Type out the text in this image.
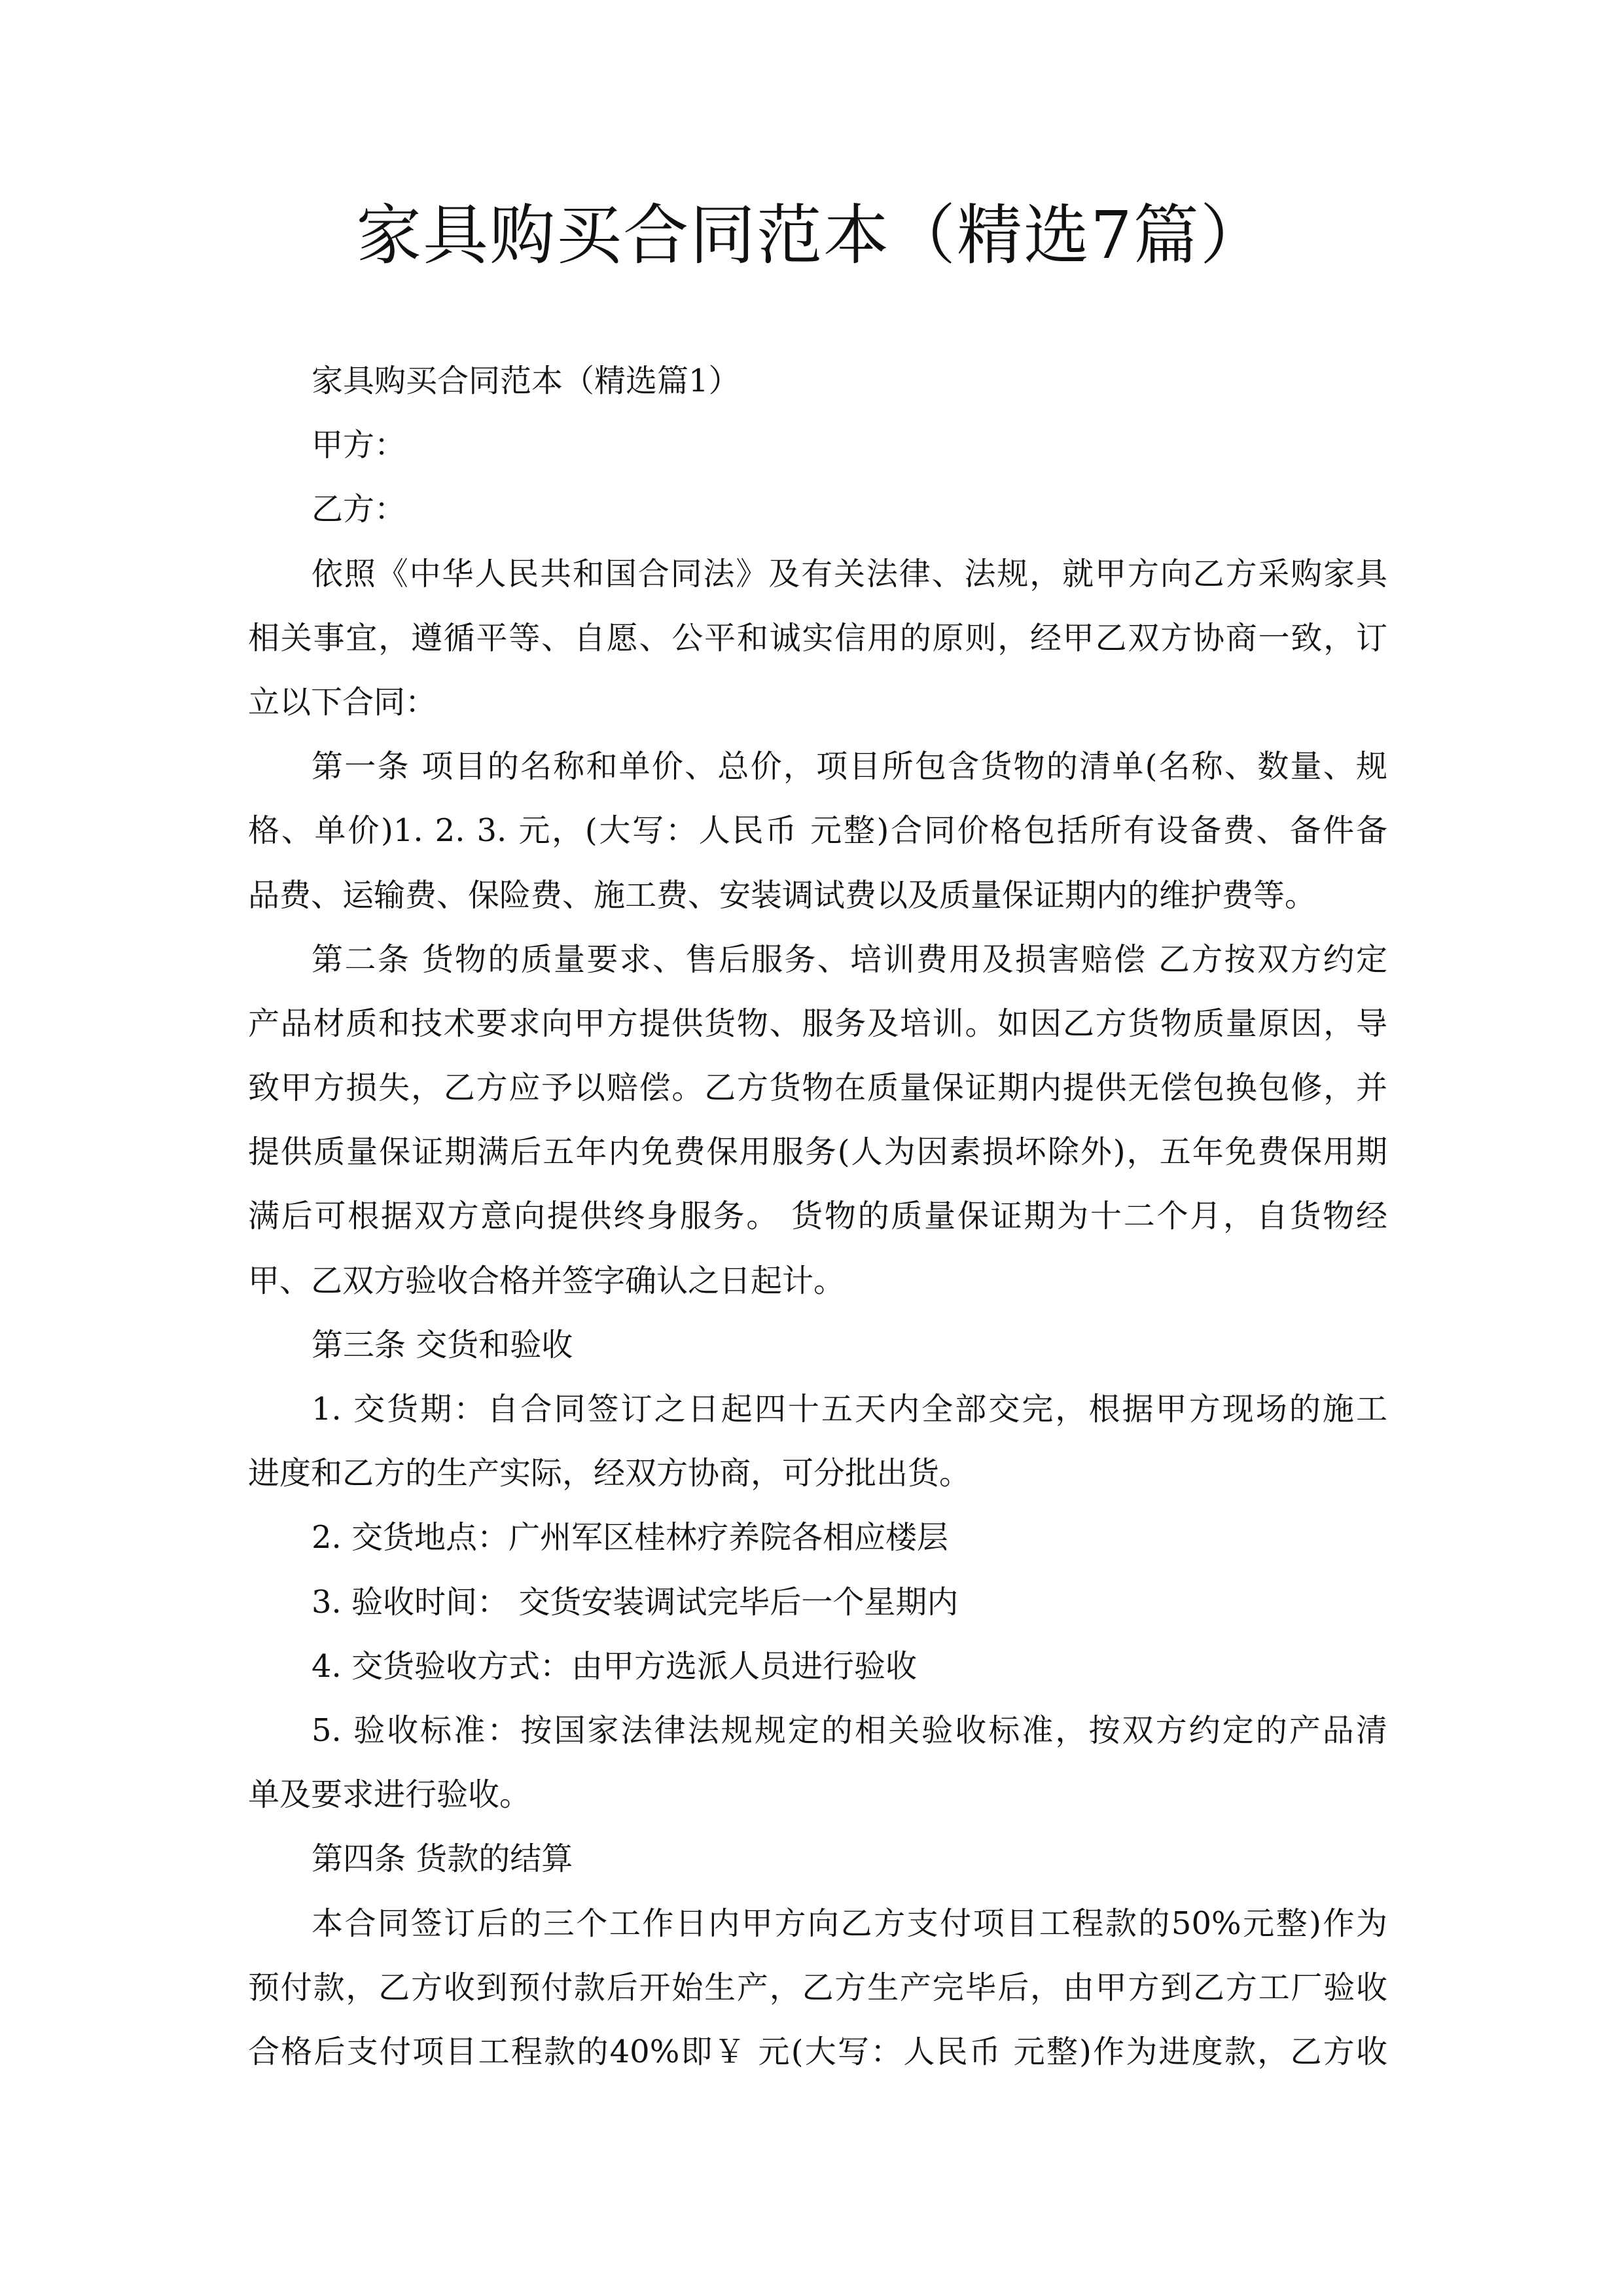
家具购买合同范本（精选7篇）
家具购买合同范本（精选篇1）
甲方：
乙方：
依照《中华人民共和国合同法》及有关法律、法规，就甲方向乙方采购家具
相关事宜，遵循平等、自愿、公平和诚实信用的原则，经甲乙双方协商一致，订
立以下合同：
第一条 项目的名称和单价、总价，项目所包含货物的清单(名称、数量、规
格、单价)1. 2. 3. 元，(大写：人民币 元整)合同价格包括所有设备费、备件备
品费、运输费、保险费、施工费、安装调试费以及质量保证期内的维护费等。
第二条 货物的质量要求、售后服务、培训费用及损害赔偿 乙方按双方约定
产品材质和技术要求向甲方提供货物、服务及培训。如因乙方货物质量原因，导
致甲方损失，乙方应予以赔偿。乙方货物在质量保证期内提供无偿包换包修，并
提供质量保证期满后五年内免费保用服务(人为因素损坏除外)，五年免费保用期
满后可根据双方意向提供终身服务。 货物的质量保证期为十二个月，自货物经
甲、乙双方验收合格并签字确认之日起计。
第三条 交货和验收
1. 交货期：自合同签订之日起四十五天内全部交完，根据甲方现场的施工
进度和乙方的生产实际，经双方协商，可分批出货。
2. 交货地点：广州军区桂林疗养院各相应楼层
3. 验收时间： 交货安装调试完毕后一个星期内
4. 交货验收方式：由甲方选派人员进行验收
5. 验收标准：按国家法律法规规定的相关验收标准，按双方约定的产品清
单及要求进行验收。
第四条 货款的结算
本合同签订后的三个工作日内甲方向乙方支付项目工程款的50%元整)作为
预付款，乙方收到预付款后开始生产，乙方生产完毕后，由甲方到乙方工厂验收
合格后支付项目工程款的40%即￥ 元(大写：人民币 元整)作为进度款，乙方收
